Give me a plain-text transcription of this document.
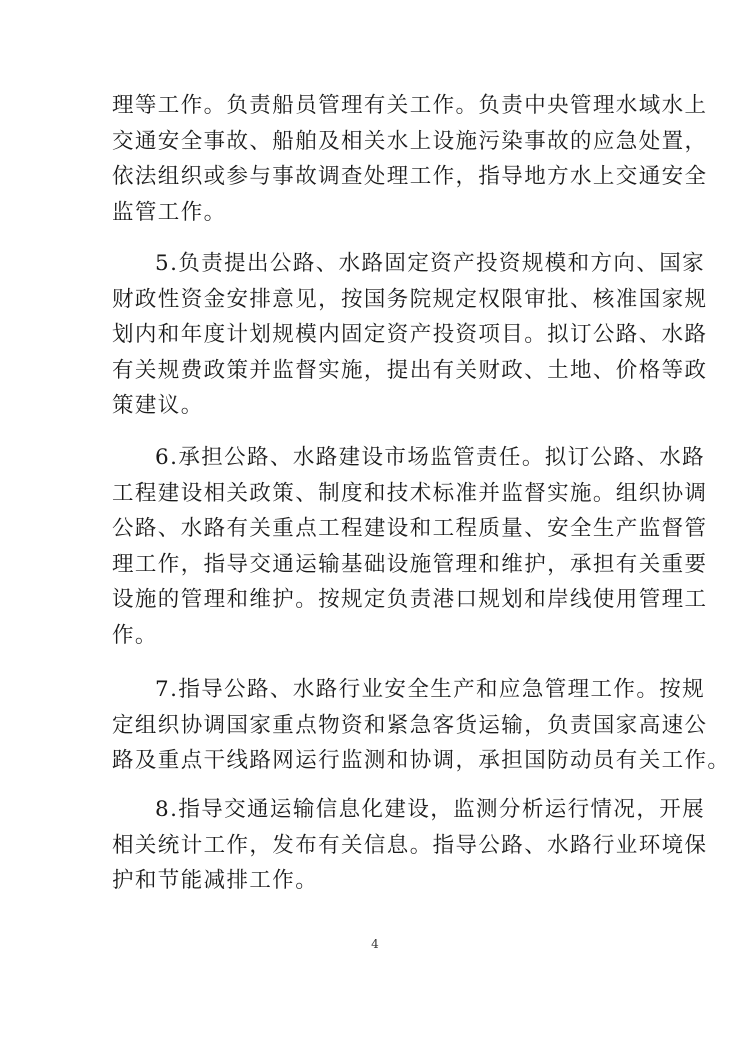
理等工作。负责船员管理有关工作。负责中央管理水域水上
交通安全事故、船舶及相关水上设施污染事故的应急处置，
依法组织或参与事故调查处理工作，指导地方水上交通安全
监管工作。
5.负责提出公路、水路固定资产投资规模和方向、国家
财政性资金安排意见，按国务院规定权限审批、核准国家规
划内和年度计划规模内固定资产投资项目。拟订公路、水路
有关规费政策并监督实施，提出有关财政、土地、价格等政
策建议。
6.承担公路、水路建设市场监管责任。拟订公路、水路
工程建设相关政策、制度和技术标准并监督实施。组织协调
公路、水路有关重点工程建设和工程质量、安全生产监督管
理工作，指导交通运输基础设施管理和维护，承担有关重要
设施的管理和维护。按规定负责港口规划和岸线使用管理工
作。
7.指导公路、水路行业安全生产和应急管理工作。按规
定组织协调国家重点物资和紧急客货运输，负责国家高速公
路及重点干线路网运行监测和协调，承担国防动员有关工作。
8.指导交通运输信息化建设，监测分析运行情况，开展
相关统计工作，发布有关信息。指导公路、水路行业环境保
护和节能减排工作。
4
